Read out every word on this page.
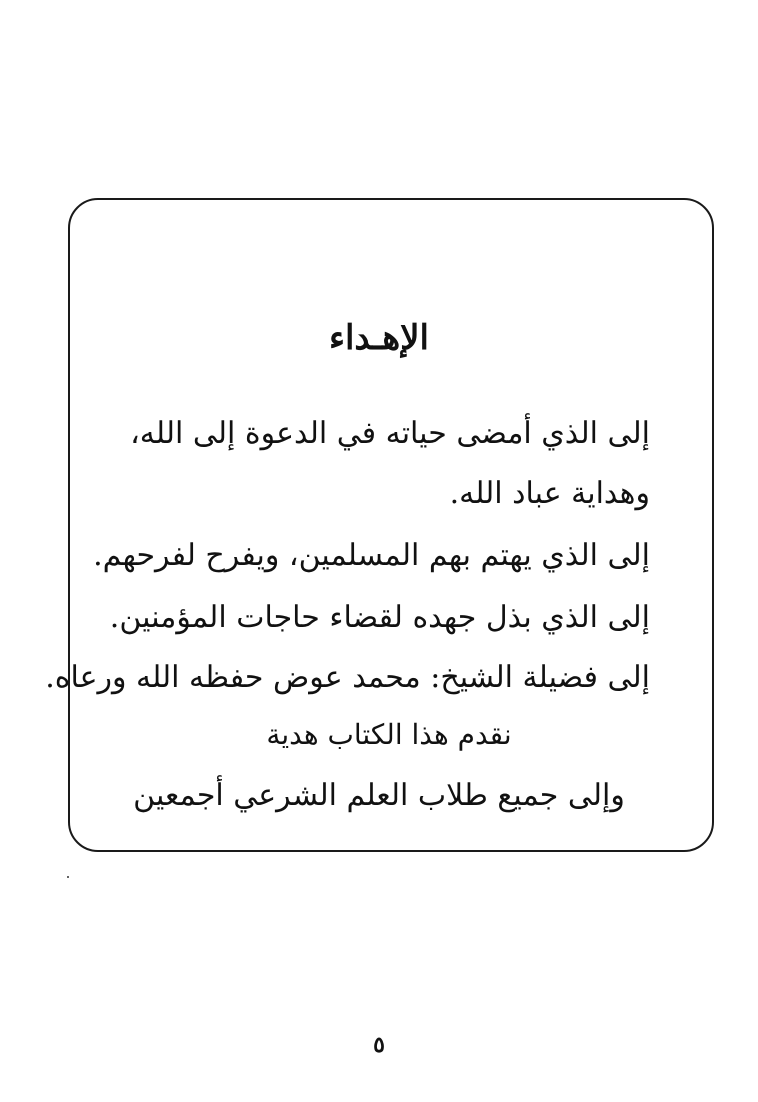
الإهـداء
إلى الذي أمضى حياته في الدعوة إلى الله،
وهداية عباد الله.
إلى الذي يهتم بهم المسلمين، ويفرح لفرحهم.
إلى الذي بذل جهده لقضاء حاجات المؤمنين.
إلى فضيلة الشيخ: محمد عوض حفظه الله ورعاه.
نقدم هذا الكتاب هدية
وإلى جميع طلاب العلم الشرعي أجمعين
٥
